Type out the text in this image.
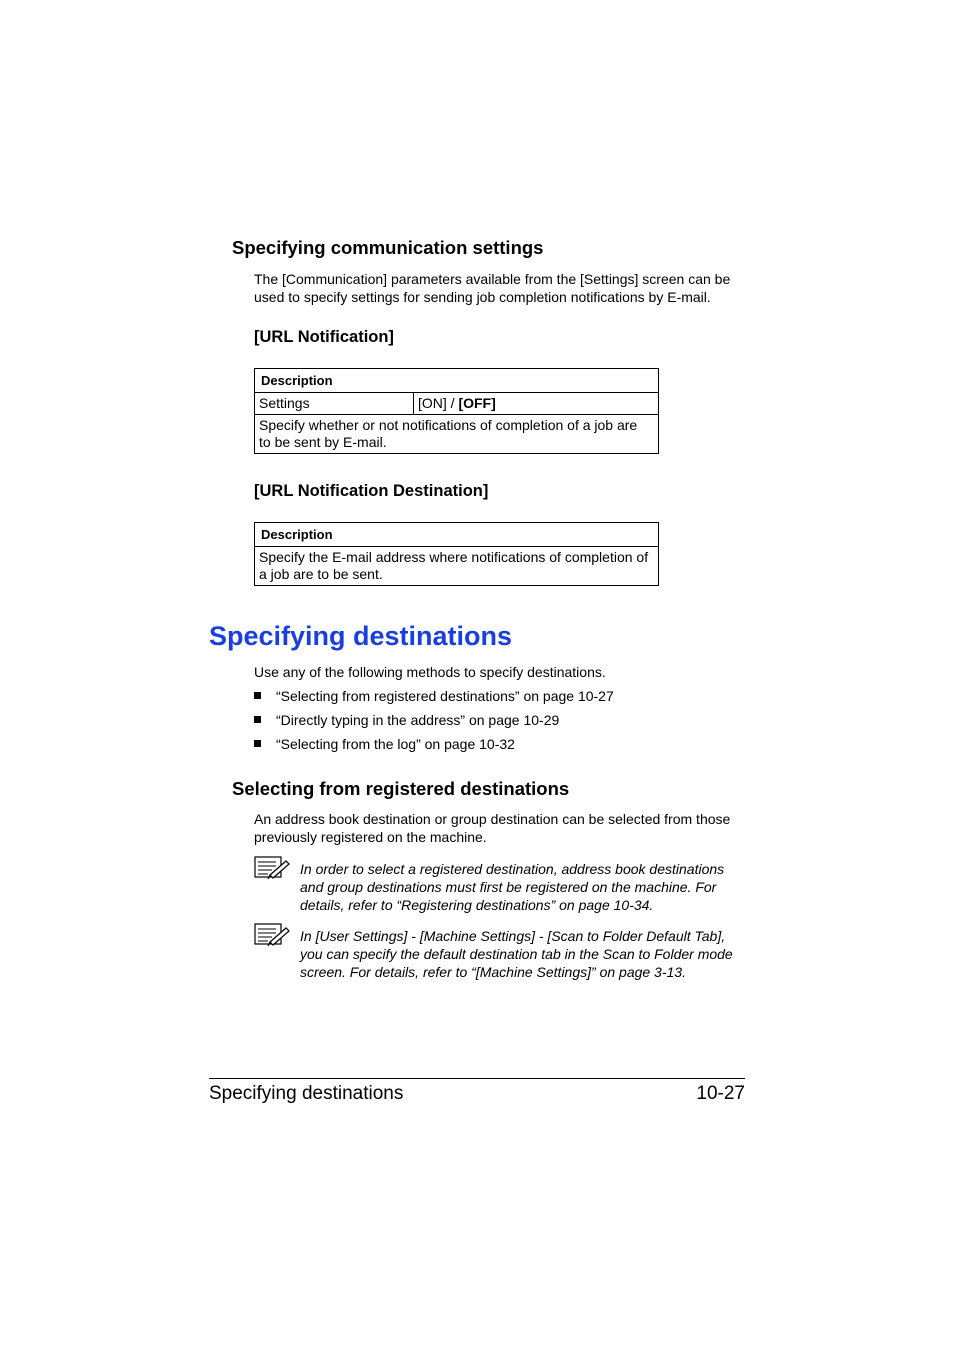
Specifying communication settings

The [Communication] parameters available from the [Settings] screen can be
used to specify settings for sending job completion notifications by E-mail.

[URL Notification]
Description
Settings	[ON] / [OFF]
Specify whether or not notifications of completion of a job are
to be sent by E-mail.
[URL Notification Destination]
Description
Specify the E-mail address where notifications of completion of
a job are to be sent.
Specifying destinations

Use any of the following methods to specify destinations.

“Selecting from registered destinations” on page 10-27
“Directly typing in the address” on page 10-29
“Selecting from the log” on page 10-32
Selecting from registered destinations

An address book destination or group destination can be selected from those
previously registered on the machine.

In order to select a registered destination, address book destinations
and group destinations must first be registered on the machine. For
details, refer to “Registering destinations” on page 10-34.
In [User Settings] - [Machine Settings] - [Scan to Folder Default Tab],
you can specify the default destination tab in the Scan to Folder mode
screen. For details, refer to “[Machine Settings]” on page 3-13.
Specifying destinations	10-27
